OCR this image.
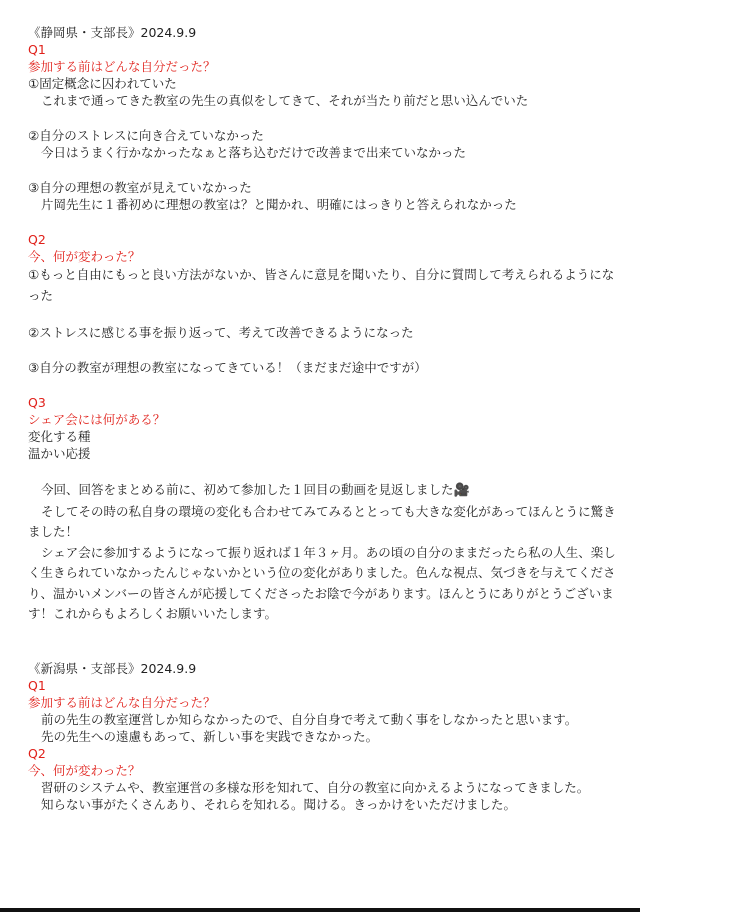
《静岡県・支部長》2024.9.9
Q1
参加する前はどんな自分だった？
①固定概念に囚われていた
これまで通ってきた教室の先生の真似をしてきて、それが当たり前だと思い込んでいた
②自分のストレスに向き合えていなかった
今日はうまく行かなかったなぁと落ち込むだけで改善まで出来ていなかった
③自分の理想の教室が見えていなかった
片岡先生に１番初めに理想の教室は？と聞かれ、明確にはっきりと答えられなかった
Q2
今、何が変わった？
①もっと自由にもっと良い方法がないか、皆さんに意見を聞いたり、自分に質問して考えられるようになった
②ストレスに感じる事を振り返って、考えて改善できるようになった
③自分の教室が理想の教室になってきている！（まだまだ途中ですが）
Q3
シェア会には何がある？
変化する種
温かい応援
今回、回答をまとめる前に、初めて参加した１回目の動画を見返しました🎥
そしてその時の私自身の環境の変化も合わせてみてみるととっても大きな変化があってほんとうに驚きました！
シェア会に参加するようになって振り返れば１年３ヶ月。あの頃の自分のままだったら私の人生、楽しく生きられていなかったんじゃないかという位の変化がありました。色んな視点、気づきを与えてくださり、温かいメンバーの皆さんが応援してくださったお陰で今があります。ほんとうにありがとうございます！これからもよろしくお願いいたします。
《新潟県・支部長》2024.9.9
Q1
参加する前はどんな自分だった？
前の先生の教室運営しか知らなかったので、自分自身で考えて動く事をしなかったと思います。
先の先生への遠慮もあって、新しい事を実践できなかった。
Q2
今、何が変わった？
習研のシステムや、教室運営の多様な形を知れて、自分の教室に向かえるようになってきました。
知らない事がたくさんあり、それらを知れる。聞ける。きっかけをいただけました。
